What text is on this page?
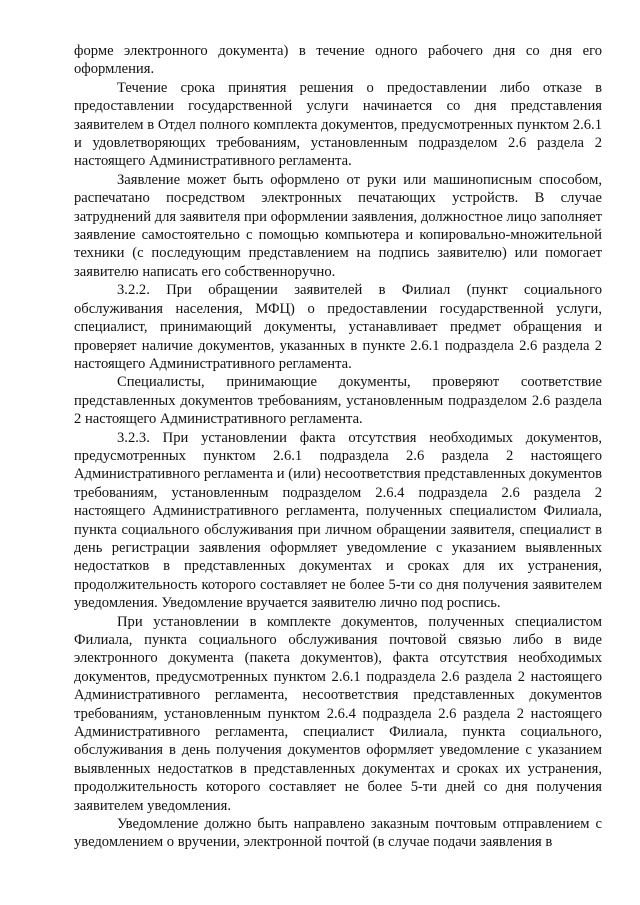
форме электронного документа) в течение одного рабочего дня со дня его оформления.

Течение срока принятия решения о предоставлении либо отказе в предоставлении государственной услуги начинается со дня представления заявителем в Отдел полного комплекта документов, предусмотренных пунктом 2.6.1 и удовлетворяющих требованиям, установленным подразделом 2.6 раздела 2 настоящего Административного регламента.

Заявление может быть оформлено от руки или машинописным способом, распечатано посредством электронных печатающих устройств. В случае затруднений для заявителя при оформлении заявления, должностное лицо заполняет заявление самостоятельно с помощью компьютера и копировально-множительной техники (с последующим представлением на подпись заявителю) или помогает заявителю написать его собственноручно.

3.2.2. При обращении заявителей в Филиал (пункт социального обслуживания населения, МФЦ) о предоставлении государственной услуги, специалист, принимающий документы, устанавливает предмет обращения и проверяет наличие документов, указанных в пункте 2.6.1 подраздела 2.6 раздела 2 настоящего Административного регламента.

Специалисты, принимающие документы, проверяют соответствие представленных документов требованиям, установленным подразделом 2.6 раздела 2 настоящего Административного регламента.

3.2.3. При установлении факта отсутствия необходимых документов, предусмотренных пунктом 2.6.1 подраздела 2.6 раздела 2 настоящего Административного регламента и (или) несоответствия представленных документов требованиям, установленным подразделом 2.6.4 подраздела 2.6 раздела 2 настоящего Административного регламента, полученных специалистом Филиала, пункта социального обслуживания при личном обращении заявителя, специалист в день регистрации заявления оформляет уведомление с указанием выявленных недостатков в представленных документах и сроках для их устранения, продолжительность которого составляет не более 5-ти со дня получения заявителем уведомления. Уведомление вручается заявителю лично под роспись.

При установлении в комплекте документов, полученных специалистом Филиала, пункта социального обслуживания почтовой связью либо в виде электронного документа (пакета документов), факта отсутствия необходимых документов, предусмотренных пунктом 2.6.1 подраздела 2.6 раздела 2 настоящего Административного регламента, несоответствия представленных документов требованиям, установленным пунктом 2.6.4 подраздела 2.6 раздела 2 настоящего Административного регламента, специалист Филиала, пункта социального, обслуживания в день получения документов оформляет уведомление с указанием выявленных недостатков в представленных документах и сроках их устранения, продолжительность которого составляет не более 5-ти дней со дня получения заявителем уведомления.

Уведомление должно быть направлено заказным почтовым отправлением с уведомлением о вручении, электронной почтой (в случае подачи заявления в
